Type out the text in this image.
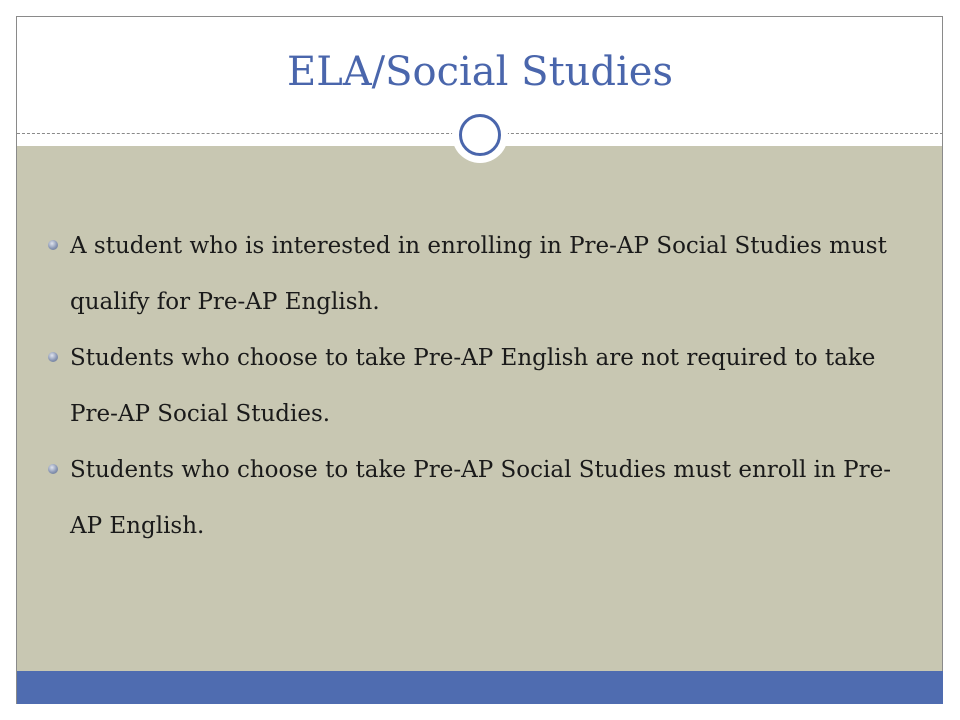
ELA/Social Studies
A student who is interested in enrolling in Pre-AP Social Studies must qualify for Pre-AP English.
Students who choose to take Pre-AP English are not required to take Pre-AP Social Studies.
Students who choose to take Pre-AP Social Studies must enroll in Pre-AP English.
